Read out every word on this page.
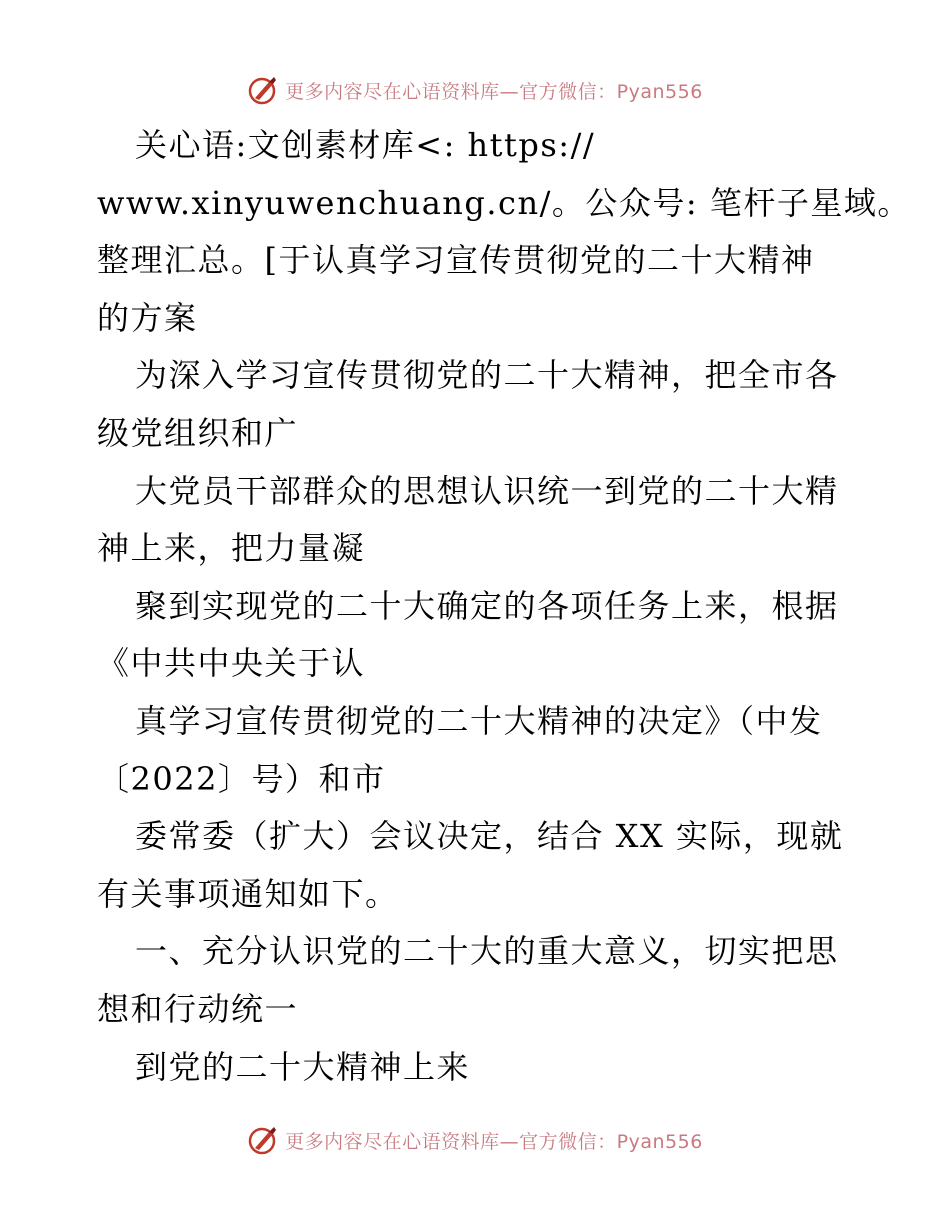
更多内容尽在心语资料库—官方微信：Pyan556
关心语:文创素材库<: https://
www.xinyuwenchuang.cn/。公众号: 笔杆子星域。
整理汇总。[于认真学习宣传贯彻党的二十大精神
的方案
为深入学习宣传贯彻党的二十大精神，把全市各
级党组织和广
大党员干部群众的思想认识统一到党的二十大精
神上来，把力量凝
聚到实现党的二十大确定的各项任务上来，根据
《中共中央关于认
真学习宣传贯彻党的二十大精神的决定》（中发
〔2022〕号）和市
委常委（扩大）会议决定，结合 XX 实际，现就
有关事项通知如下。
一、充分认识党的二十大的重大意义，切实把思
想和行动统一
到党的二十大精神上来
更多内容尽在心语资料库—官方微信：Pyan556
